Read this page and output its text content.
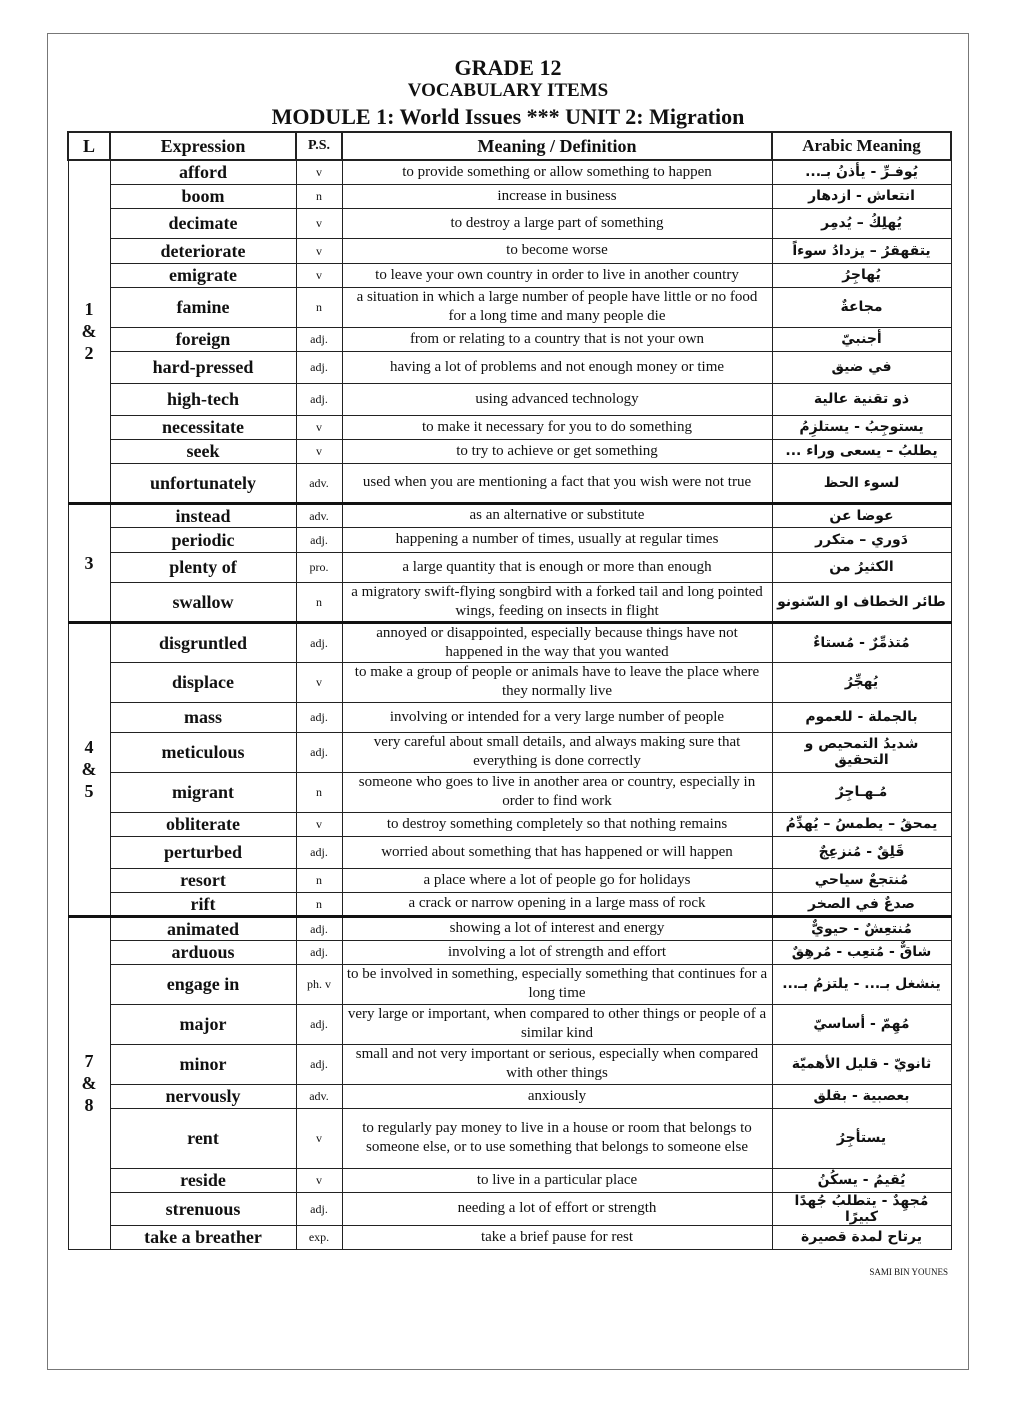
GRADE 12
VOCABULARY ITEMS
MODULE 1: World Issues *** UNIT 2: Migration
L	Expression	P.S.	Meaning / Definition	Arabic Meaning
1
&
2	afford	v	to provide something or allow something to happen	يُوفـرِّ - يأذنُ بـ...
	boom	n	increase in business	انتعاش - ازدهار
	decimate	v	to destroy a large part of something	يُهلِكُ – يُدمِر
	deteriorate	v	to become worse	يتقهقرُ – يزدادُ سوءاً
	emigrate	v	to leave your own country in order to live in another country	يُهاجِرُ
	famine	n	a situation in which a large number of people have little or no food for a long time and many people die	مجاعةٌ
	foreign	adj.	from or relating to a country that is not your own	أجنبيّ
	hard-pressed	adj.	having a lot of problems and not enough money or time	في ضيق
	high-tech	adj.	using advanced technology	ذو تقنية عالية
	necessitate	v	to make it necessary for you to do something	يستوجِبُ - يستلزِمُ
	seek	v	to try to achieve or get something	يطلبُ – يسعى وراء ...
	unfortunately	adv.	used when you are mentioning a fact that you wish were not true	لسوء الحظ
3	instead	adv.	as an alternative or substitute	عوضا عن
	periodic	adj.	happening a number of times, usually at regular times	دَوري – متكرر
	plenty of	pro.	a large quantity that is enough or more than enough	الكثيرُ من
	swallow	n	a migratory swift-flying songbird with a forked tail and long pointed wings, feeding on insects in flight	طائر الخطاف او السّنونو
4
&
5	disgruntled	adj.	annoyed or disappointed, especially because things have not happened in the way that you wanted	مُتذمِّرٌ - مُستاءٌ
	displace	v	to make a group of people or animals have to leave the place where they normally live	يُهجِّرُ
	mass	adj.	involving or intended for a very large number of people	بالجملة - للعموم
	meticulous	adj.	very careful about small details, and always making sure that everything is done correctly	شديدُ التمحيص و التحقيق
	migrant	n	someone who goes to live in another area or country, especially in order to find work	مُـهـاجِرٌ
	obliterate	v	to destroy something completely so that nothing remains	يمحقُ – يطمسُ – يُهدِّمُ
	perturbed	adj.	worried about something that has happened or will happen	قَلِقٌ - مُنزعِجٌ
	resort	n	a place where a lot of people go for holidays	مُنتجعٌ سياحي
	rift	n	a crack or narrow opening in a large mass of rock	صدعٌ في الصخر
7
&
8	animated	adj.	showing a lot of interest and energy	مُنتعِشٌ - حيويٌّ
	arduous	adj.	involving a lot of strength and effort	شاقٌّ - مُتعِب - مُرهِقٌ
	engage in	ph. v	to be involved in something, especially something that continues for a long time	ينشغل بـ... - يلتزمُ بـ...
	major	adj.	very large or important, when compared to other things or people of a similar kind	مُهِمّ - أساسيّ
	minor	adj.	small and not very important or serious, especially when compared with other things	ثانويّ - قليل الأهميّة
	nervously	adv.	anxiously	بعصبية - بقلق
	rent	v	to regularly pay money to live in a house or room that belongs to someone else, or to use something that belongs to someone else	يستأجِرُ
	reside	v	to live in a particular place	يُقيمُ - يسكُنُ
	strenuous	adj.	needing a lot of effort or strength	مُجهِدٌ - يتطلبُ جُهدًا كبيرًا
	take a breather	exp.	take a brief pause for rest	يرتاح لمدة قصيرة
SAMI BIN YOUNES
